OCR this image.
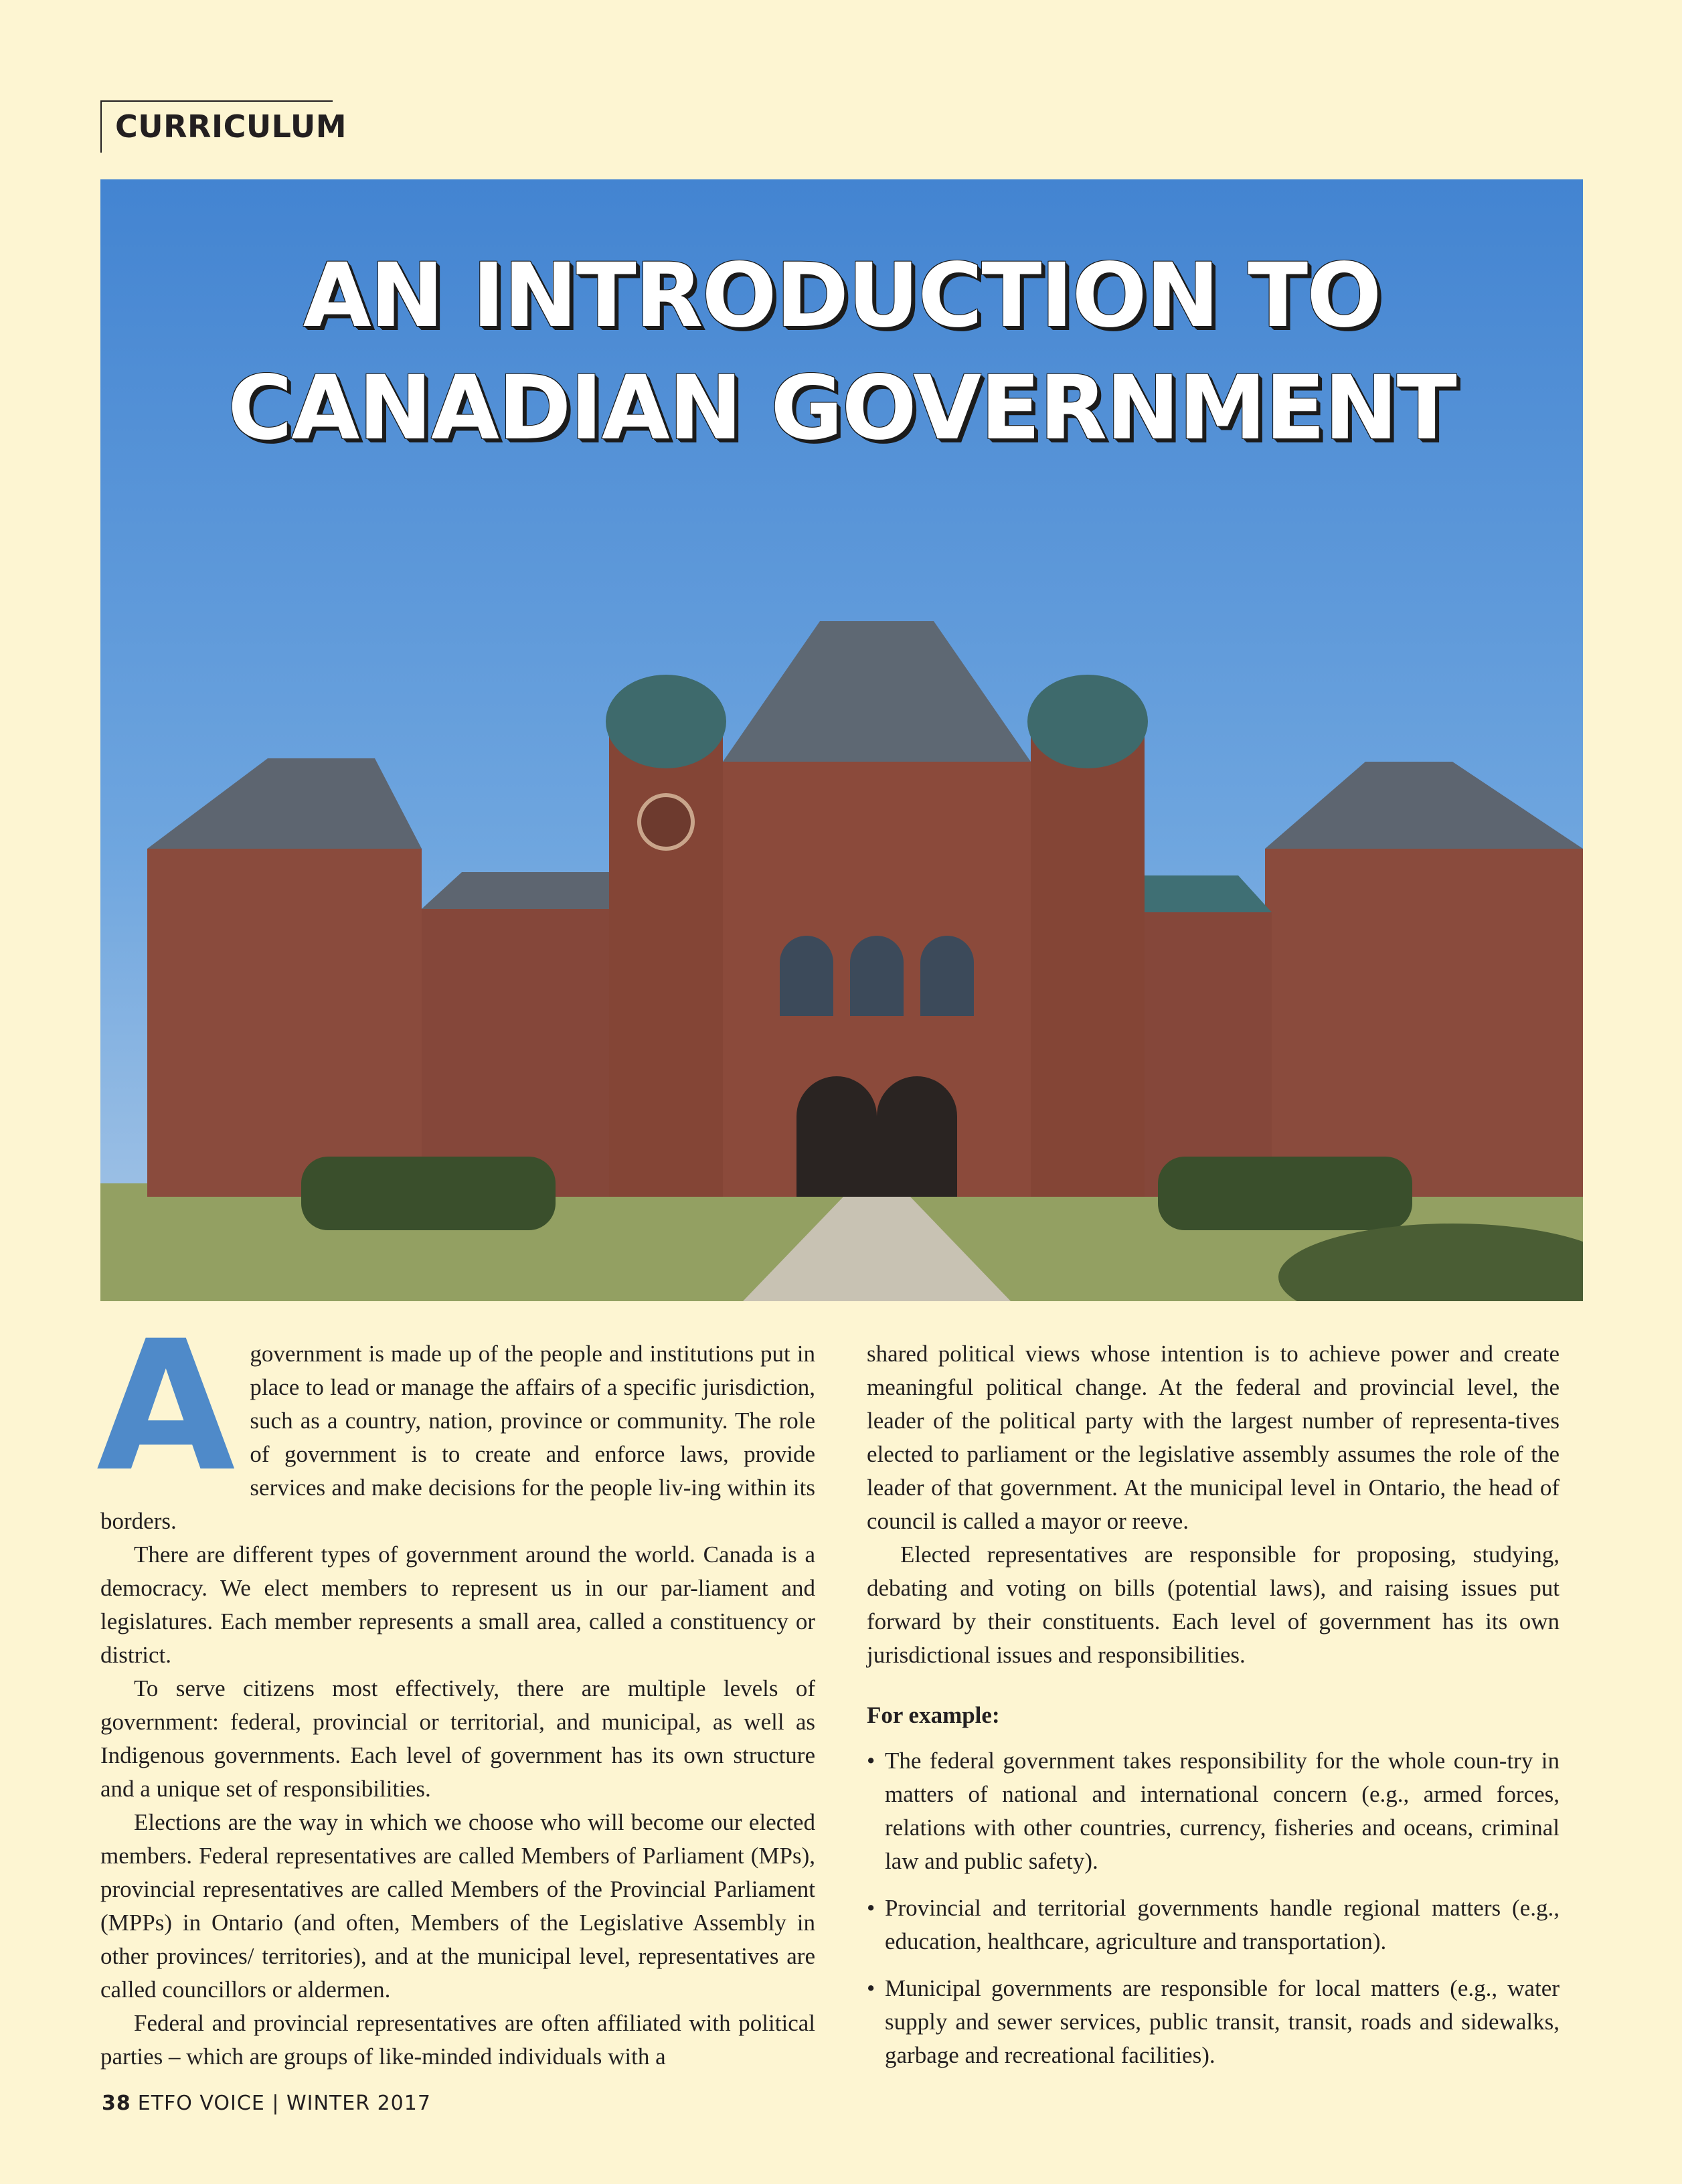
CURRICULUM
AN INTRODUCTION TO
CANADIAN GOVERNMENT

Agovernment is made up of the people and institutions put in place to lead or manage the affairs of a specific jurisdiction, such as a country, nation, province or community. The role of government is to create and enforce laws, provide services and make decisions for the people liv-ing within its borders.

There are different types of government around the world. Canada is a democracy. We elect members to represent us in our par-liament and legislatures. Each member represents a small area, called a constituency or district.

To serve citizens most effectively, there are multiple levels of government: federal, provincial or territorial, and municipal, as well as Indigenous governments. Each level of government has its own structure and a unique set of responsibilities.

Elections are the way in which we choose who will become our elected members. Federal representatives are called Members of Parliament (MPs), provincial representatives are called Members of the Provincial Parliament (MPPs) in Ontario (and often, Members of the Legislative Assembly in other provinces/ territories), and at the municipal level, representatives are called councillors or aldermen.

Federal and provincial representatives are often affiliated with political parties – which are groups of like-minded individuals with a

shared political views whose intention is to achieve power and create meaningful political change. At the federal and provincial level, the leader of the political party with the largest number of representa-tives elected to parliament or the legislative assembly assumes the role of the leader of that government. At the municipal level in Ontario, the head of council is called a mayor or reeve.

Elected representatives are responsible for proposing, studying, debating and voting on bills (potential laws), and raising issues put forward by their constituents. Each level of government has its own jurisdictional issues and responsibilities.

For example:

• The federal government takes responsibility for the whole coun-try in matters of national and international concern (e.g., armed forces, relations with other countries, currency, fisheries and oceans, criminal law and public safety).
• Provincial and territorial governments handle regional matters (e.g., education, healthcare, agriculture and transportation).
• Municipal governments are responsible for local matters (e.g., water supply and sewer services, public transit, transit, roads and sidewalks, garbage and recreational facilities).

38 ETFO VOICE | WINTER 2017
